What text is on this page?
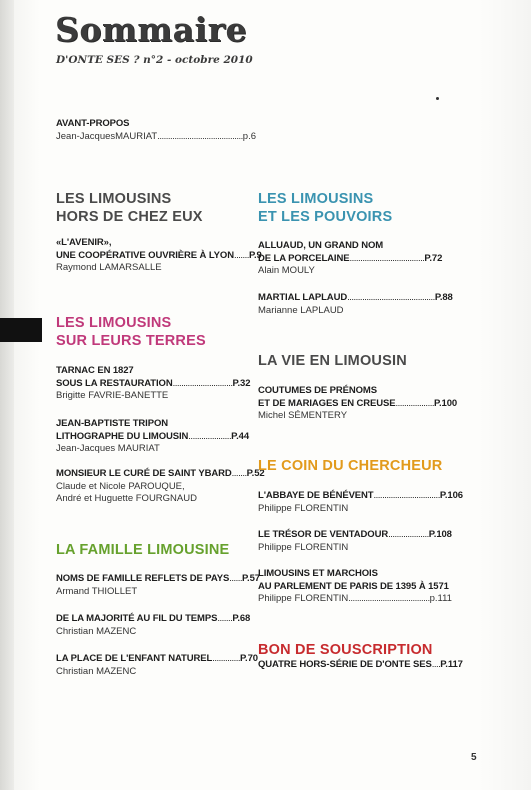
Sommaire
D'ONTE SES ? n°2 - octobre 2010
AVANT-PROPOS
Jean-JacquesMAURIAT........................................p.6
LES LIMOUSINS
HORS DE CHEZ EUX
«L'AVENIR»,
UNE COOPÉRATIVE OUVRIÈRE À LYON.......P.9
Raymond LAMARSALLE
LES LIMOUSINS
SUR LEURS TERRES
TARNAC EN 1827
SOUS LA RESTAURATION............................P.32
Brigitte FAVRIE-BANETTE
JEAN-BAPTISTE TRIPON
LITHOGRAPHE DU LIMOUSIN....................P.44
Jean-Jacques MAURIAT
MONSIEUR LE CURÉ DE SAINT YBARD.......P.52
Claude et Nicole PAROUQUE,
André et Huguette FOURGNAUD
LA FAMILLE LIMOUSINE
NOMS DE FAMILLE REFLETS DE PAYS......P.57
Armand THIOLLET
DE LA MAJORITÉ AU FIL DU TEMPS.......P.68
Christian MAZENC
LA PLACE DE L'ENFANT NATUREL.............P.70
Christian MAZENC
LES LIMOUSINS
ET LES POUVOIRS
ALLUAUD, UN GRAND NOM
DE LA PORCELAINE...................................P.72
Alain MOULY
MARTIAL LAPLAUD.........................................P.88
Marianne LAPLAUD
LA VIE EN LIMOUSIN
COUTUMES DE PRÉNOMS
ET DE MARIAGES EN CREUSE..................P.100
Michel SÉMENTERY
LE COIN DU CHERCHEUR
L'ABBAYE DE BÉNÉVENT...............................P.106
Philippe FLORENTIN
LE TRÉSOR DE VENTADOUR...................P.108
Philippe FLORENTIN
LIMOUSINS ET MARCHOIS
AU PARLEMENT DE PARIS DE 1395 À 1571
Philippe FLORENTIN......................................p.111
BON DE SOUSCRIPTION
QUATRE HORS-SÉRIE DE D'ONTE SES....P.117
5
